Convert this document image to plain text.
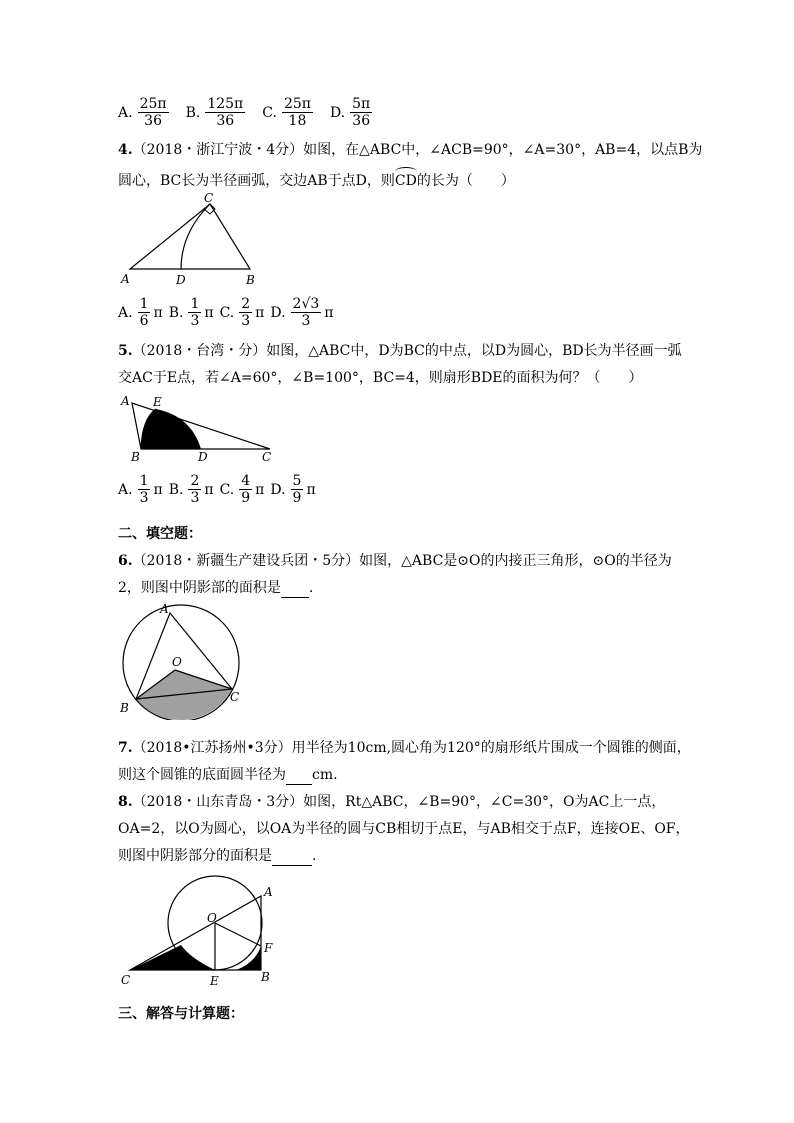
A. $\frac{25\pi}{36} B$. $\frac{125\pi}{36} C$. $\frac{25\pi}{18} D$. $\frac{5\pi}{36}$
4.（2018・浙江宁波・4分）如图，在△ABC中，∠ACB=90°，∠A=30°，AB=4，以点B为
圆心，BC长为半径画弧，交边AB于点D，则CD的长为（　　）
A	D	B
C
A. $\frac{1}{6}$ π B. $\frac{1}{3}$ π C. $\frac{2}{3}$ π D. $\frac{2√3}{3}$ π
5.（2018・台湾・分）如图，△ABC中，D为BC的中点，以D为圆心，BD长为半径画一弧
交AC于E点，若∠A=60°，∠B=100°，BC=4，则扇形BDE的面积为何？（　　）
A E
B	D	C
A. $\frac{1}{3}$ π B. $\frac{2}{3}$ π C. $\frac{4}{9}$ π D. $\frac{5}{9}$ π
二、填空题：
6.（2018・新疆生产建设兵团・5分）如图，△ABC是⊙O的内接正三角形，⊙O的半径为
2，则图中阴影部的面积是 .
A
O
B
C
7.（2018•江苏扬州•3分）用半径为10cm,圆心角为120°的扇形纸片围成一个圆锥的侧面，
则这个圆锥的底面圆半径为 cm.
8.（2018・山东青岛・3分）如图，Rt△ABC，∠B=90°，∠C=30°，O为AC上一点，
OA=2，以O为圆心，以OA为半径的圆与CB相切于点E，与AB相交于点F，连接OE、OF，
则图中阴影部分的面积是	.
A
O
F
C	E	B
三、解答与计算题：
